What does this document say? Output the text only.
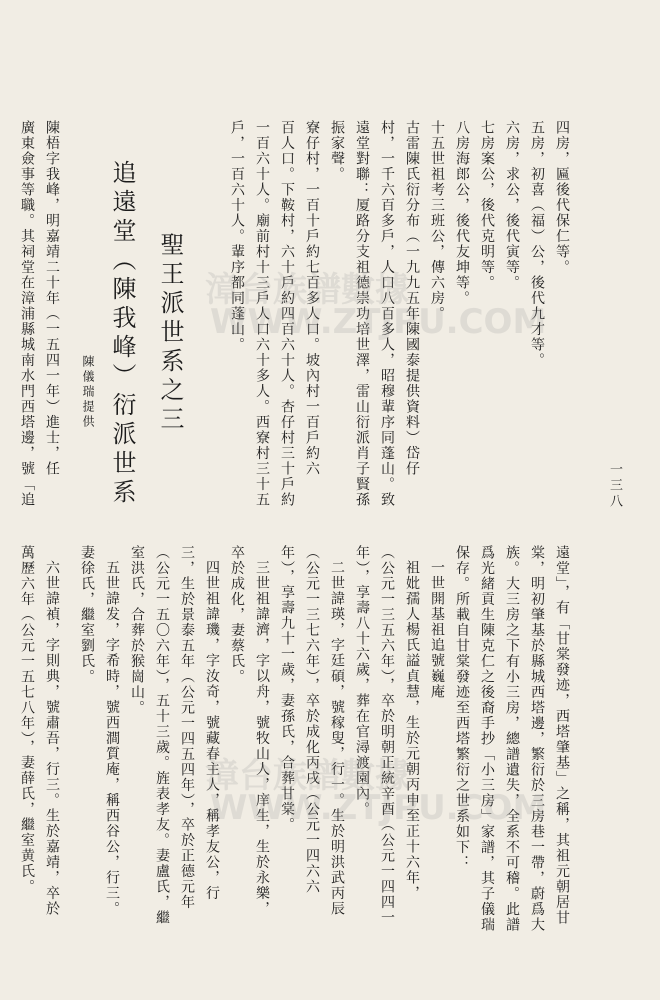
一三八
四房，匾後代保仁等。
五房，初喜（福）公，後代九才等。
六房，求公，後代寅等。
七房案公，後代克明等。
八房海郎公，後代友坤等。
十五世祖考三班公，傳六房。
古雷陳氏衍分布（一九九五年陳國泰提供資料）岱仔
村，一千六百多戶，人口八百多人，昭穆輩序同蓬山。致
遠堂對聯：厦路分支祖德崇功培世澤，雷山衍派肖子賢孫
振家聲。
寮仔村，一百十戶約七百多人口。坡內村一百戶約六
百人口。下鞍村，六十戶約四百六十人。杏仔村三十戶約
一百六十人。廟前村十三戶人口六十多人。西寮村三十五
戶，一百六十人。輩序都同蓬山。
聖王派世系之三
追遠堂（陳我峰）衍派世系
陳儀瑞提供
陳梧字我峰，明嘉靖二十年（一五四一年）進士，任
廣東僉事等職。其祠堂在漳浦縣城南水門西塔邊，號「追
遠堂」，有「甘棠發迹，西塔肇基」之稱，其祖元朝居甘
棠，明初肇基於縣城西塔邊，繁衍於三房巷一帶，蔚爲大
族。大三房之下有小三房，總譜遺失，全系不可稽。此譜
爲光緒貢生陳克仁之後裔手抄「小三房」家譜，其子儀瑞
保存。所載自甘棠發迹至西塔繁衍之世系如下：
一世開基祖追號巍庵
祖妣孺人楊氏謚貞慧，生於元朝丙申至正十六年，
（公元一三五六年），卒於明朝正統辛酉（公元一四四一
年），享壽八十六歲，葬在官潯渡園內。
二世諱瑛，字廷碩，號稼叟，行一。生於明洪武丙辰
（公元一三七六年），卒於成化丙戌（公元一四六六
年），享壽九十一歲，妻孫氏，合葬甘棠。
三世祖諱濟，字以舟，號牧山人，庠生，生於永樂，
卒於成化，妻蔡氏。
四世祖諱璣，字汝奇，號藏春主人，稱孝友公，行
三，生於景泰五年（公元一四五四年），卒於正德元年
（公元一五〇六年），五十三歲。旌表孝友。妻盧氏，繼
室洪氏，合葬於猴崗山。
五世諱发，字希時，號西澗質庵，稱西谷公，行三。
妻徐氏，繼室劉氏。
六世諱禎，字則典，號肅吾，行三。生於嘉靖，卒於
萬歷六年（公元一五七八年），妻薛氏，繼室黄氏。
漳台族譜數據
WWW.ZTJPU.COM
漳台族譜數據
WWW.ZTJPU.COM
